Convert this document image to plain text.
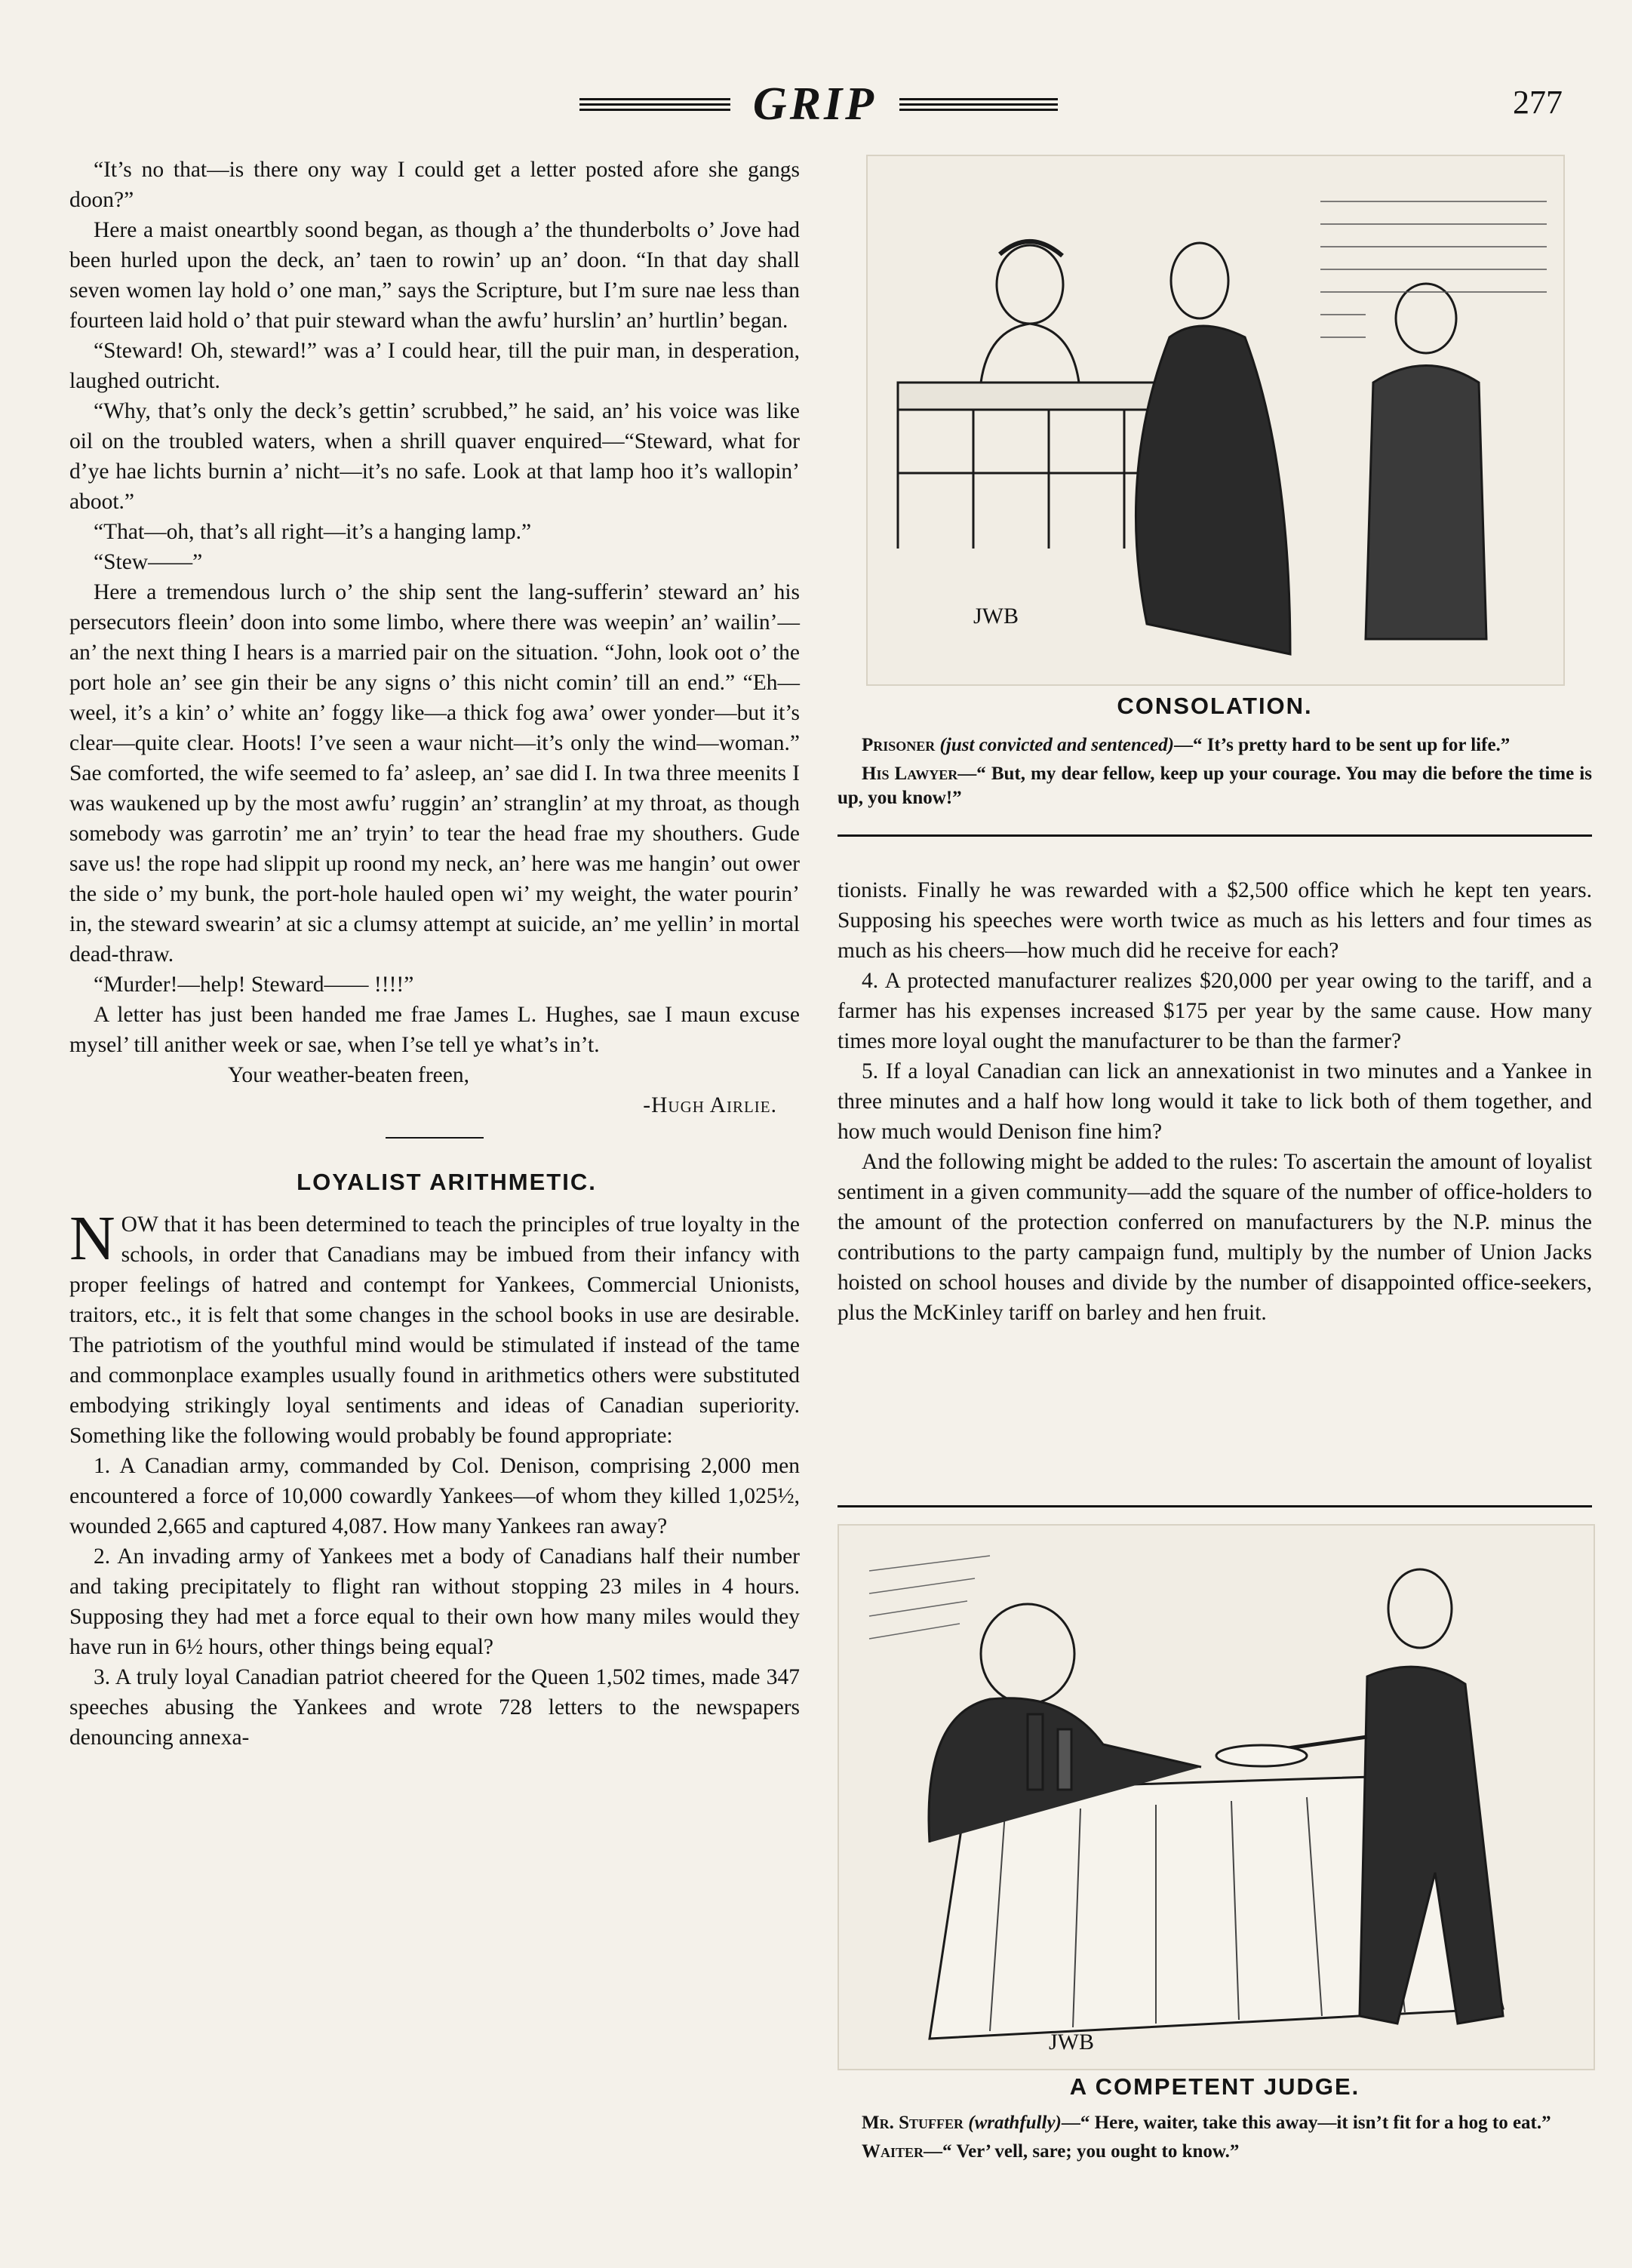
GRIP	277

“It’s no that—is there ony way I could get a letter posted afore she gangs doon?”

Here a maist oneartbly soond began, as though a’ the thunderbolts o’ Jove had been hurled upon the deck, an’ taen to rowin’ up an’ doon. “In that day shall seven women lay hold o’ one man,” says the Scripture, but I’m sure nae less than fourteen laid hold o’ that puir steward whan the awfu’ hurslin’ an’ hurtlin’ began.

“Steward! Oh, steward!” was a’ I could hear, till the puir man, in desperation, laughed outricht.

“Why, that’s only the deck’s gettin’ scrubbed,” he said, an’ his voice was like oil on the troubled waters, when a shrill quaver enquired—“Steward, what for d’ye hae lichts burnin a’ nicht—it’s no safe. Look at that lamp hoo it’s wallopin’ aboot.”

“That—oh, that’s all right—it’s a hanging lamp.”

“Stew——”

Here a tremendous lurch o’ the ship sent the lang-sufferin’ steward an’ his persecutors fleein’ doon into some limbo, where there was weepin’ an’ wailin’—an’ the next thing I hears is a married pair on the situation. “John, look oot o’ the port hole an’ see gin their be any signs o’ this nicht comin’ till an end.” “Eh—weel, it’s a kin’ o’ white an’ foggy like—a thick fog awa’ ower yonder—but it’s clear—quite clear. Hoots! I’ve seen a waur nicht—it’s only the wind—woman.” Sae comforted, the wife seemed to fa’ asleep, an’ sae did I. In twa three meenits I was waukened up by the most awfu’ ruggin’ an’ stranglin’ at my throat, as though somebody was garrotin’ me an’ tryin’ to tear the head frae my shouthers. Gude save us! the rope had slippit up roond my neck, an’ here was me hangin’ out ower the side o’ my bunk, the port-hole hauled open wi’ my weight, the water pourin’ in, the steward swearin’ at sic a clumsy attempt at suicide, an’ me yellin’ in mortal dead-thraw.

“Murder!—help! Steward—— !!!!”

A letter has just been handed me frae James L. Hughes, sae I maun excuse mysel’ till anither week or sae, when I’se tell ye what’s in’t.

Your weather-beaten freen,

-Hugh Airlie.

LOYALIST ARITHMETIC.

NOW that it has been determined to teach the principles of true loyalty in the schools, in order that Canadians may be imbued from their infancy with proper feelings of hatred and contempt for Yankees, Commercial Unionists, traitors, etc., it is felt that some changes in the school books in use are desirable. The patriotism of the youthful mind would be stimulated if instead of the tame and commonplace examples usually found in arithmetics others were substituted embodying strikingly loyal sentiments and ideas of Canadian superiority. Something like the following would probably be found appropriate:

1. A Canadian army, commanded by Col. Denison, comprising 2,000 men encountered a force of 10,000 cowardly Yankees—of whom they killed 1,025½, wounded 2,665 and captured 4,087. How many Yankees ran away?

2. An invading army of Yankees met a body of Canadians half their number and taking precipitately to flight ran without stopping 23 miles in 4 hours. Supposing they had met a force equal to their own how many miles would they have run in 6½ hours, other things being equal?

3. A truly loyal Canadian patriot cheered for the Queen 1,502 times, made 347 speeches abusing the Yankees and wrote 728 letters to the newspapers denouncing annexa-

JWB
CONSOLATION.

Prisoner (just convicted and sentenced)—“ It’s pretty hard to be sent up for life.”

His Lawyer—“ But, my dear fellow, keep up your courage. You may die before the time is up, you know!”

tionists. Finally he was rewarded with a $2,500 office which he kept ten years. Supposing his speeches were worth twice as much as his letters and four times as much as his cheers—how much did he receive for each?

4. A protected manufacturer realizes $20,000 per year owing to the tariff, and a farmer has his expenses increased $175 per year by the same cause. How many times more loyal ought the manufacturer to be than the farmer?

5. If a loyal Canadian can lick an annexationist in two minutes and a Yankee in three minutes and a half how long would it take to lick both of them together, and how much would Denison fine him?

And the following might be added to the rules: To ascertain the amount of loyalist sentiment in a given community—add the square of the number of office-holders to the amount of the protection conferred on manufacturers by the N.P. minus the contributions to the party campaign fund, multiply by the number of Union Jacks hoisted on school houses and divide by the number of disappointed office-seekers, plus the McKinley tariff on barley and hen fruit.

JWB
A COMPETENT JUDGE.

Mr. Stuffer (wrathfully)—“ Here, waiter, take this away—it isn’t fit for a hog to eat.”

Waiter—“ Ver’ vell, sare; you ought to know.”
